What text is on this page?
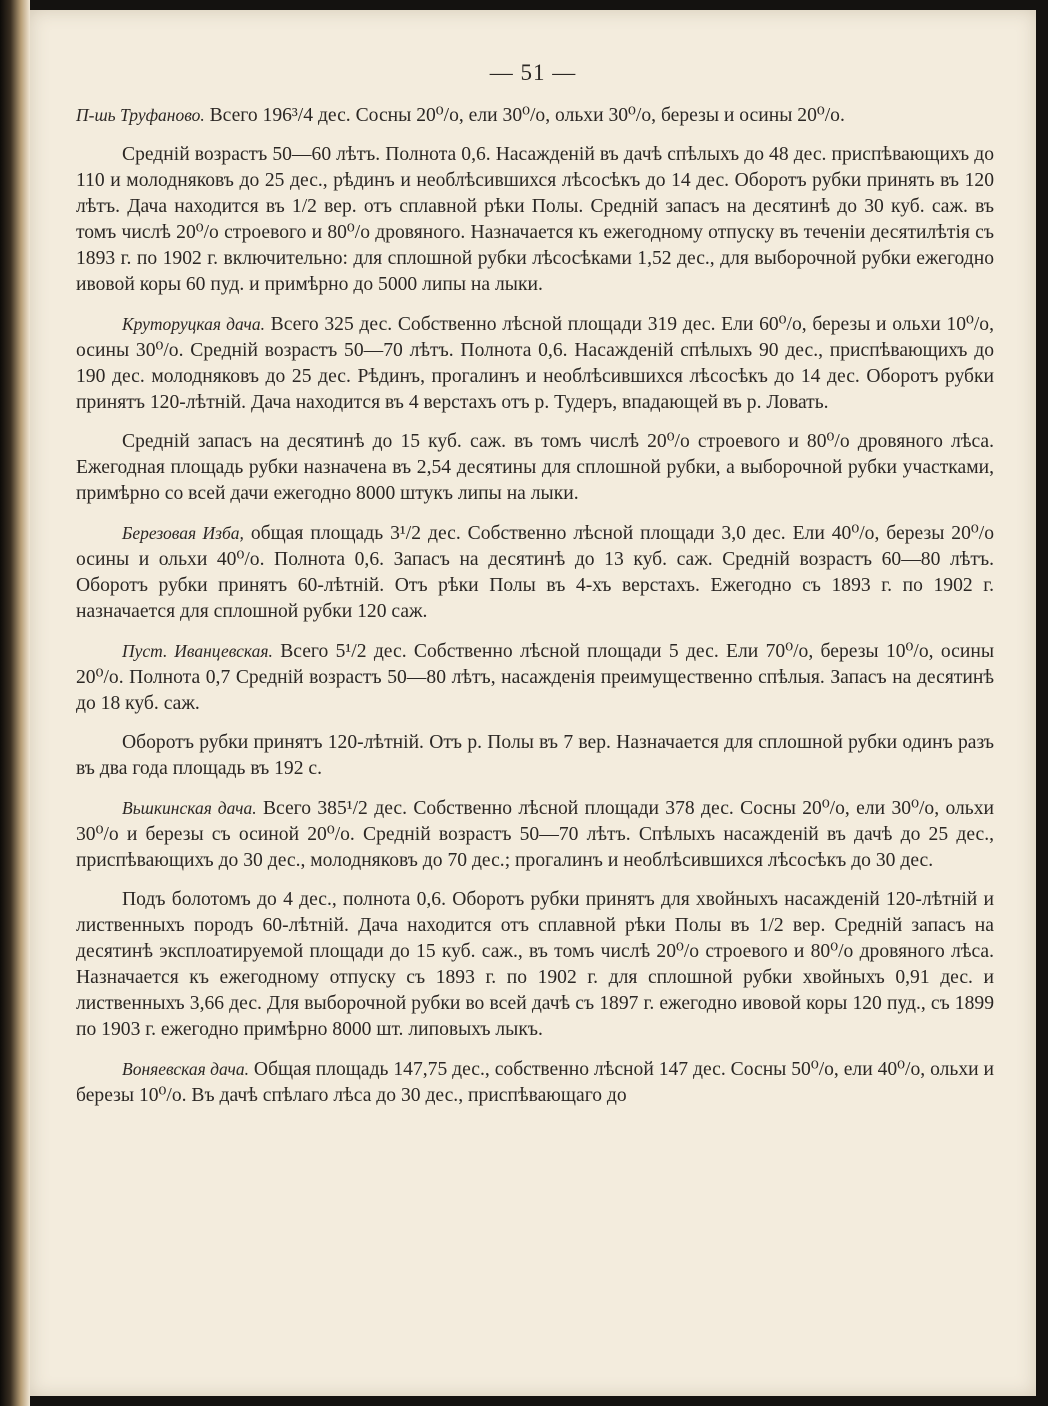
— 51 —

П-шь Труфаново. Всего 196³/4 дес. Сосны 20⁰/о, ели 30⁰/о, ольхи 30⁰/о, березы и осины 20⁰/о.

Среднiй возрастъ 50—60 лѣтъ. Полнота 0,6. Насажденiй въ дачѣ спѣлыхъ до 48 дес. приспѣвающихъ до 110 и молодняковъ до 25 дес., рѣдинъ и необлѣсившихся лѣсосѣкъ до 14 дес. Оборотъ рубки принять въ 120 лѣтъ. Дача находится въ 1/2 вер. отъ сплавной рѣки Полы. Среднiй запасъ на десятинѣ до 30 куб. саж. въ томъ числѣ 20⁰/о строевого и 80⁰/о дровяного. Назначается къ ежегодному отпуску въ теченiи десятилѣтiя съ 1893 г. по 1902 г. включительно: для сплошной рубки лѣсосѣками 1,52 дес., для выборочной рубки ежегодно ивовой коры 60 пуд. и примѣрно до 5000 липы на лыки.

Круторуцкая дача. Всего 325 дес. Собственно лѣсной площади 319 дес. Ели 60⁰/о, березы и ольхи 10⁰/о, осины 30⁰/о. Среднiй возрастъ 50—70 лѣтъ. Полнота 0,6. Насажденiй спѣлыхъ 90 дес., приспѣвающихъ до 190 дес. молодняковъ до 25 дес. Рѣдинъ, прогалинъ и необлѣсившихся лѣсосѣкъ до 14 дес. Оборотъ рубки принятъ 120-лѣтнiй. Дача находится въ 4 верстахъ отъ р. Тудеръ, впадающей въ р. Ловать.

Среднiй запасъ на десятинѣ до 15 куб. саж. въ томъ числѣ 20⁰/о строевого и 80⁰/о дровяного лѣса. Ежегодная площадь рубки назначена въ 2,54 десятины для сплошной рубки, а выборочной рубки участками, примѣрно со всей дачи ежегодно 8000 штукъ липы на лыки.

Березовая Изба, общая площадь 3¹/2 дес. Собственно лѣсной площади 3,0 дес. Ели 40⁰/о, березы 20⁰/о осины и ольхи 40⁰/о. Полнота 0,6. Запасъ на десятинѣ до 13 куб. саж. Среднiй возрастъ 60—80 лѣтъ. Оборотъ рубки принятъ 60-лѣтнiй. Отъ рѣки Полы въ 4-хъ верстахъ. Ежегодно съ 1893 г. по 1902 г. назначается для сплошной рубки 120 саж.

Пуст. Иванцевская. Всего 5¹/2 дес. Собственно лѣсной площади 5 дес. Ели 70⁰/о, березы 10⁰/о, осины 20⁰/о. Полнота 0,7 Среднiй возрастъ 50—80 лѣтъ, насажденiя преимущественно спѣлыя. Запасъ на десятинѣ до 18 куб. саж.

Оборотъ рубки принятъ 120-лѣтнiй. Отъ р. Полы въ 7 вер. Назначается для сплошной рубки одинъ разъ въ два года площадь въ 192 с.

Вьшкинская дача. Всего 385¹/2 дес. Собственно лѣсной площади 378 дес. Сосны 20⁰/о, ели 30⁰/о, ольхи 30⁰/о и березы съ осиной 20⁰/о. Среднiй возрастъ 50—70 лѣтъ. Спѣлыхъ насажденiй въ дачѣ до 25 дес., приспѣвающихъ до 30 дес., молодняковъ до 70 дес.; прогалинъ и необлѣсившихся лѣсосѣкъ до 30 дес.

Подъ болотомъ до 4 дес., полнота 0,6. Оборотъ рубки принятъ для хвойныхъ насажденiй 120-лѣтнiй и лиственныхъ породъ 60-лѣтнiй. Дача находится отъ сплавной рѣки Полы въ 1/2 вер. Среднiй запасъ на десятинѣ эксплоатируемой площади до 15 куб. саж., въ томъ числѣ 20⁰/о строевого и 80⁰/о дровяного лѣса. Назначается къ ежегодному отпуску съ 1893 г. по 1902 г. для сплошной рубки хвойныхъ 0,91 дес. и лиственныхъ 3,66 дес. Для выборочной рубки во всей дачѣ съ 1897 г. ежегодно ивовой коры 120 пуд., съ 1899 по 1903 г. ежегодно примѣрно 8000 шт. липовыхъ лыкъ.

Воняевская дача. Общая площадь 147,75 дес., собственно лѣсной 147 дес. Сосны 50⁰/о, ели 40⁰/о, ольхи и березы 10⁰/о. Въ дачѣ спѣлаго лѣса до 30 дес., приспѣвающаго до
